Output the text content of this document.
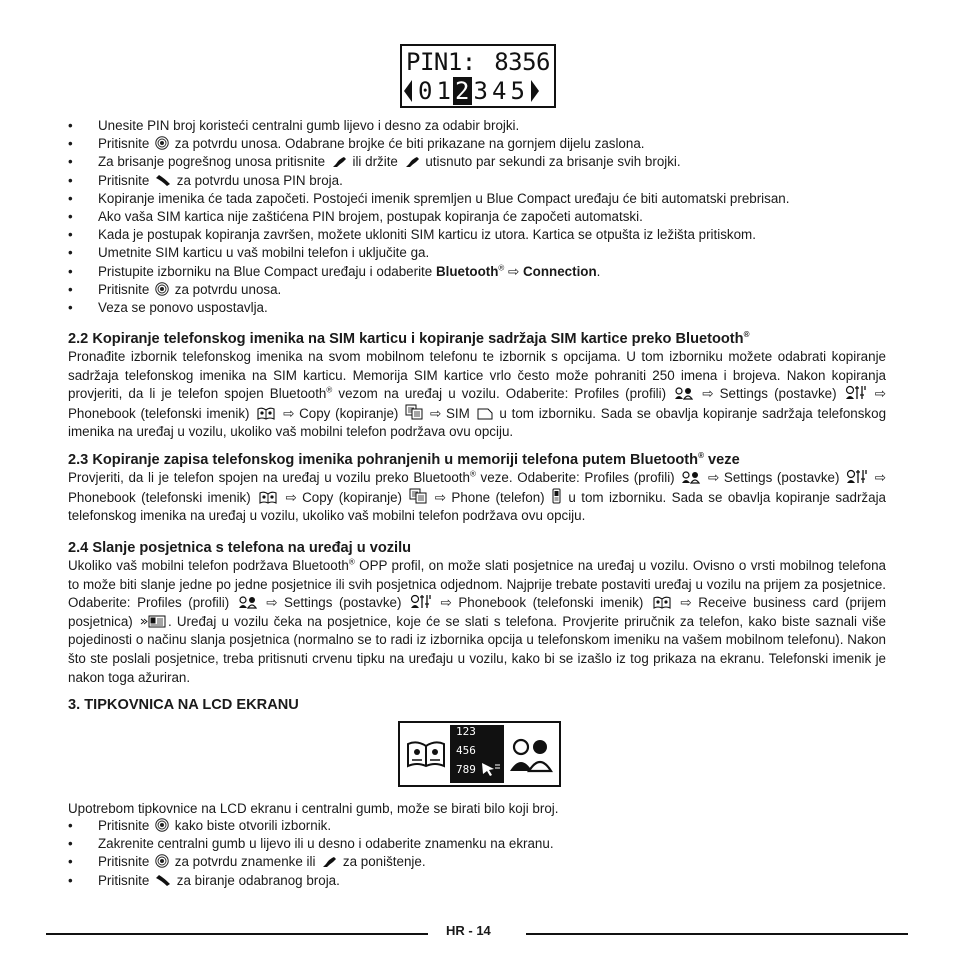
PIN1: 8356
0 1 2 3 4 5
• Unesite PIN broj koristeći centralni gumb lijevo i desno za odabir brojki.
• Pritisnite  za potvrdu unosa. Odabrane brojke će biti prikazane na gornjem dijelu zaslona.
• Za brisanje pogrešnog unosa pritisnite  ili držite  utisnuto par sekundi za brisanje svih brojki.
• Pritisnite  za potvrdu unosa PIN broja.
• Kopiranje imenika će tada započeti. Postojeći imenik spremljen u Blue Compact uređaju će biti automatski prebrisan.
• Ako vaša SIM kartica nije zaštićena PIN brojem, postupak kopiranja će započeti automatski.
• Kada je postupak kopiranja završen, možete ukloniti SIM karticu iz utora. Kartica se otpušta iz ležišta pritiskom.
• Umetnite SIM karticu u vaš mobilni telefon i uključite ga.
• Pristupite izborniku na Blue Compact uređaju i odaberite Bluetooth® ⇨ Connection.
• Pritisnite  za potvrdu unosa.
• Veza se ponovo uspostavlja.
2.2 Kopiranje telefonskog imenika na SIM karticu i kopiranje sadržaja SIM kartice preko Bluetooth®

Pronađite izbornik telefonskog imenika na svom mobilnom telefonu te izbornik s opcijama. U tom izborniku možete odabrati kopiranje sadržaja telefonskog imenika na SIM karticu. Memorija SIM kartice vrlo često može pohraniti 250 imena i brojeva. Nakon kopiranja provjeriti, da li je telefon spojen Bluetooth® vezom na uređaj u vozilu. Odaberite: Profiles (profili)  ⇨ Settings (postavke)  ⇨ Phonebook (telefonski imenik)  ⇨ Copy (kopiranje)  ⇨ SIM  u tom izborniku. Sada se obavlja kopiranje sadržaja telefonskog imenika na uređaj u vozilu, ukoliko vaš mobilni telefon podržava ovu opciju.

2.3 Kopiranje zapisa telefonskog imenika pohranjenih u memoriji telefona putem Bluetooth® veze

Provjeriti, da li je telefon spojen na uređaj u vozilu preko Bluetooth® veze. Odaberite: Profiles (profili)  ⇨ Settings (postavke)  ⇨ Phonebook (telefonski imenik)  ⇨ Copy (kopiranje)  ⇨ Phone (telefon)  u tom izborniku. Sada se obavlja kopiranje sadržaja telefonskog imenika na uređaj u vozilu, ukoliko vaš mobilni telefon podržava ovu opciju.

2.4 Slanje posjetnica s telefona na uređaj u vozilu

Ukoliko vaš mobilni telefon podržava Bluetooth® OPP profil, on može slati posjetnice na uređaj u vozilu. Ovisno o vrsti mobilnog telefona to može biti slanje jedne po jedne posjetnice ili svih posjetnica odjednom. Najprije trebate postaviti uređaj u vozilu na prijem za posjetnice. Odaberite: Profiles (profili)  ⇨ Settings (postavke)  ⇨ Phonebook (telefonski imenik)  ⇨ Receive business card (prijem posjetnica) . Uređaj u vozilu čeka na posjetnice, koje će se slati s telefona. Provjerite priručnik za telefon, kako biste saznali više pojedinosti o načinu slanja posjetnica (normalno se to radi iz izbornika opcija u telefonskom imeniku na vašem mobilnom telefonu). Nakon što ste poslali posjetnice, treba pritisnuti crvenu tipku na uređaju u vozilu, kako bi se izašlo iz tog prikaza na ekranu. Telefonski imenik je nakon toga ažuriran.

3. TIPKOVNICA NA LCD EKRANU
123
456
789
Upotrebom tipkovnice na LCD ekranu i centralni gumb, može se birati bilo koji broj.
• Pritisnite  kako biste otvorili izbornik.
• Zakrenite centralni gumb u lijevo ili u desno i odaberite znamenku na ekranu.
• Pritisnite  za potvrdu znamenke ili  za poništenje.
• Pritisnite  za biranje odabranog broja.
HR - 14
